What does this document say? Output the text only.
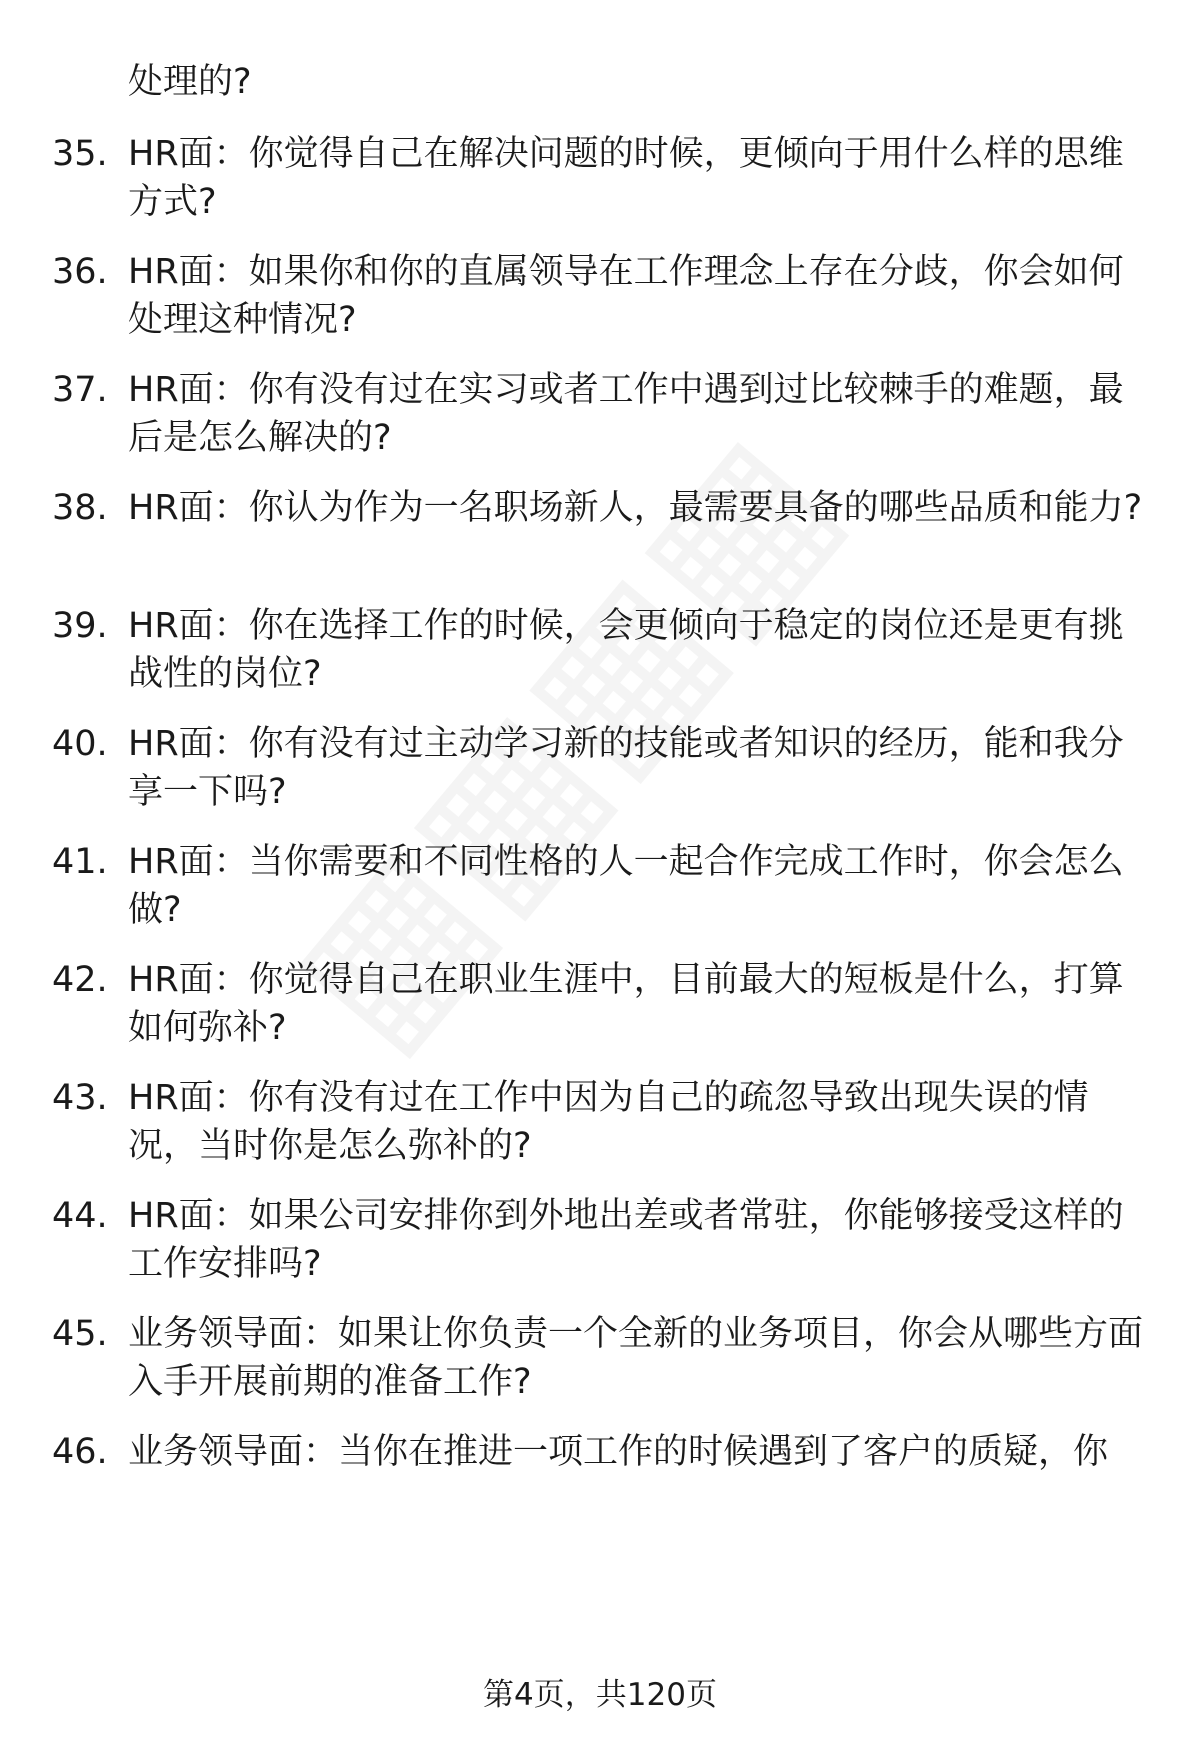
处理的?
35. HR面：你觉得自己在解决问题的时候，更倾向于用什么样的思维方式?
36. HR面：如果你和你的直属领导在工作理念上存在分歧，你会如何处理这种情况?
37. HR面：你有没有过在实习或者工作中遇到过比较棘手的难题，最后是怎么解决的?
38. HR面：你认为作为一名职场新人，最需要具备的哪些品质和能力?
39. HR面：你在选择工作的时候，会更倾向于稳定的岗位还是更有挑战性的岗位?
40. HR面：你有没有过主动学习新的技能或者知识的经历，能和我分享一下吗?
41. HR面：当你需要和不同性格的人一起合作完成工作时，你会怎么做?
42. HR面：你觉得自己在职业生涯中，目前最大的短板是什么，打算如何弥补?
43. HR面：你有没有过在工作中因为自己的疏忽导致出现失误的情况，当时你是怎么弥补的?
44. HR面：如果公司安排你到外地出差或者常驻，你能够接受这样的工作安排吗?
45. 业务领导面：如果让你负责一个全新的业务项目，你会从哪些方面入手开展前期的准备工作?
46. 业务领导面：当你在推进一项工作的时候遇到了客户的质疑，你
第4页，共120页
